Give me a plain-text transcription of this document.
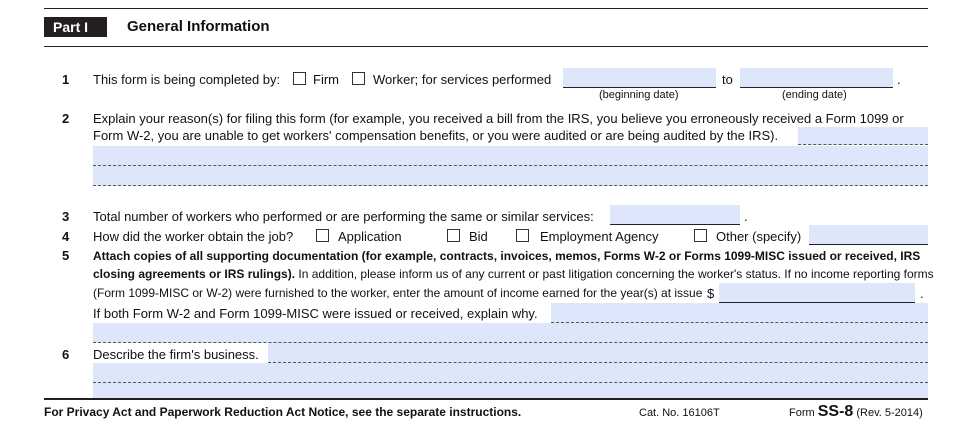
Part I	General Information
1 This form is being completed by:	Firm	Worker; for services performed	to	.
(beginning date)	(ending date)
2 Explain your reason(s) for filing this form (for example, you received a bill from the IRS, you believe you erroneously received a Form 1099 or
Form W-2, you are unable to get workers' compensation benefits, or you were audited or are being audited by the IRS).
3 Total number of workers who performed or are performing the same or similar services:	.
4 How did the worker obtain the job?	Application	Bid	Employment Agency	Other (specify)
5 Attach copies of all supporting documentation (for example, contracts, invoices, memos, Forms W-2 or Forms 1099-MISC issued or received, IRS
closing agreements or IRS rulings). In addition, please inform us of any current or past litigation concerning the worker's status. If no income reporting forms
(Form 1099-MISC or W-2) were furnished to the worker, enter the amount of income earned for the year(s) at issue $	.
If both Form W-2 and Form 1099-MISC were issued or received, explain why.
6 Describe the firm's business.
For Privacy Act and Paperwork Reduction Act Notice, see the separate instructions.	Cat. No. 16106T	Form SS-8 (Rev. 5-2014)
